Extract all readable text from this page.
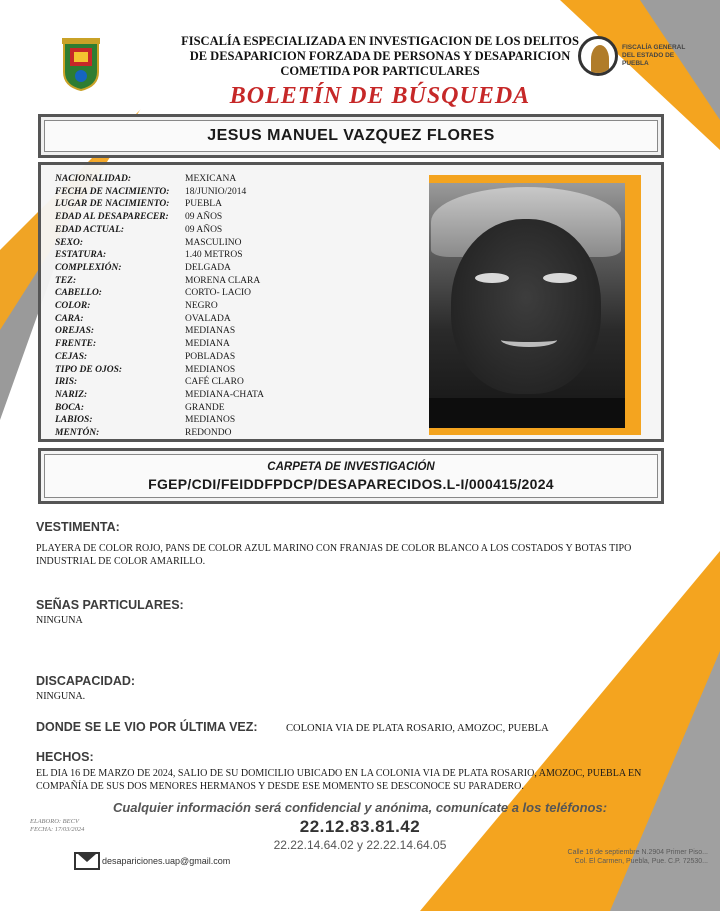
FISCALÍA ESPECIALIZADA EN INVESTIGACION DE LOS DELITOS
DE DESAPARICION FORZADA DE PERSONAS Y DESAPARICION
COMETIDA POR PARTICULARES
BOLETÍN DE BÚSQUEDA
FISCALÍA GENERAL
DEL ESTADO DE
PUEBLA
JESUS MANUEL VAZQUEZ FLORES
NACIONALIDAD:	MEXICANA
FECHA DE NACIMIENTO:	18/JUNIO/2014
LUGAR DE NACIMIENTO:	PUEBLA
EDAD AL DESAPARECER:	09 AÑOS
EDAD ACTUAL:	09 AÑOS
SEXO:	MASCULINO
ESTATURA:	1.40 METROS
COMPLEXIÓN:	DELGADA
TEZ:	MORENA CLARA
CABELLO:	CORTO- LACIO
COLOR:	NEGRO
CARA:	OVALADA
OREJAS:	MEDIANAS
FRENTE:	MEDIANA
CEJAS:	POBLADAS
TIPO DE OJOS:	MEDIANOS
IRIS:	CAFÉ CLARO
NARIZ:	MEDIANA-CHATA
BOCA:	GRANDE
LABIOS:	MEDIANOS
MENTÓN:	REDONDO
CARPETA DE INVESTIGACIÓN
FGEP/CDI/FEIDDFPDCP/DESAPARECIDOS.L-I/000415/2024
VESTIMENTA:
PLAYERA DE COLOR ROJO, PANS DE COLOR AZUL MARINO CON FRANJAS DE COLOR BLANCO A LOS COSTADOS Y BOTAS TIPO INDUSTRIAL DE COLOR AMARILLO.
SEÑAS PARTICULARES:
NINGUNA
DISCAPACIDAD:
NINGUNA.
DONDE SE LE VIO POR ÚLTIMA VEZ:	COLONIA VIA DE PLATA ROSARIO, AMOZOC, PUEBLA
HECHOS:
EL DIA 16 DE MARZO DE 2024, SALIO DE SU DOMICILIO UBICADO EN LA COLONIA VIA DE PLATA ROSARIO, AMOZOC, PUEBLA EN COMPAÑÍA DE SUS DOS MENORES HERMANOS Y DESDE ESE MOMENTO SE DESCONOCE SU PARADERO.
Cualquier información será confidencial y anónima, comunícate a los teléfonos:
22.12.83.81.42
22.22.14.64.02 y 22.22.14.64.05
ELABORO: BECV
FECHA: 17/03/2024
desapariciones.uap@gmail.com
Calle 16 de septiembre N.2904 Primer Piso...
Col. El Carmen, Puebla, Pue. C.P. 72530...
